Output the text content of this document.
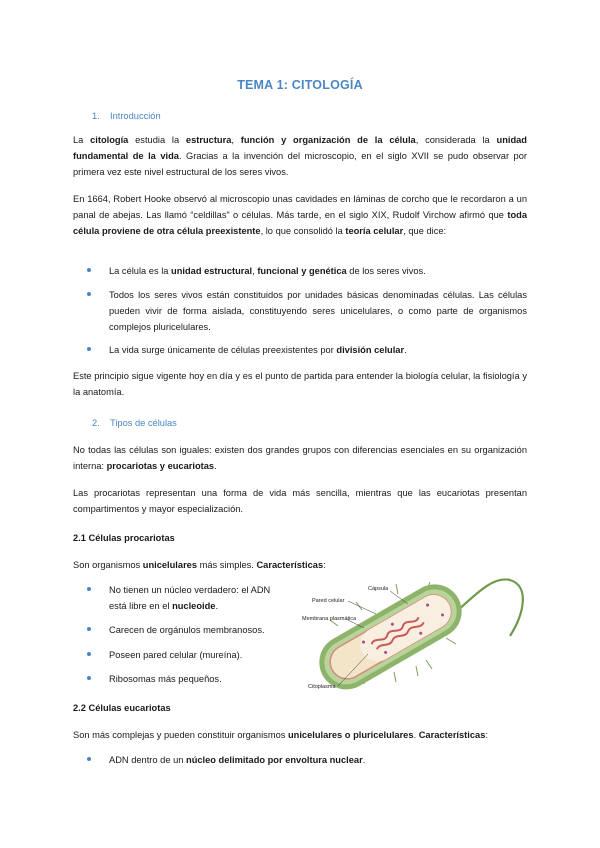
TEMA 1: CITOLOGÍA
1. Introducción
La citología estudia la estructura, función y organización de la célula, considerada la unidad fundamental de la vida. Gracias a la invención del microscopio, en el siglo XVII se pudo observar por primera vez este nivel estructural de los seres vivos.
En 1664, Robert Hooke observó al microscopio unas cavidades en láminas de corcho que le recordaron a un panal de abejas. Las llamó “celdillas” o células. Más tarde, en el siglo XIX, Rudolf Virchow afirmó que toda célula proviene de otra célula preexistente, lo que consolidó la teoría celular, que dice:
La célula es la unidad estructural, funcional y genética de los seres vivos.
Todos los seres vivos están constituidos por unidades básicas denominadas células. Las células pueden vivir de forma aislada, constituyendo seres unicelulares, o como parte de organismos complejos pluricelulares.
La vida surge únicamente de células preexistentes por división celular.
Este principio sigue vigente hoy en día y es el punto de partida para entender la biología celular, la fisiología y la anatomía.
2. Tipos de células
No todas las células son iguales: existen dos grandes grupos con diferencias esenciales en su organización interna: procariotas y eucariotas.
Las procariotas representan una forma de vida más sencilla, mientras que las eucariotas presentan compartimentos y mayor especialización.
2.1 Células procariotas
Son organismos unicelulares más simples. Características:
No tienen un núcleo verdadero: el ADN está libre en el nucleoide.
Carecen de orgánulos membranosos.
Poseen pared celular (mureína).
Ribosomas más pequeños.
Cápsula
Pared celular
Membrana plasmática
Citoplasma
2.2 Células eucariotas
Son más complejas y pueden constituir organismos unicelulares o pluricelulares. Características:
ADN dentro de un núcleo delimitado por envoltura nuclear.
